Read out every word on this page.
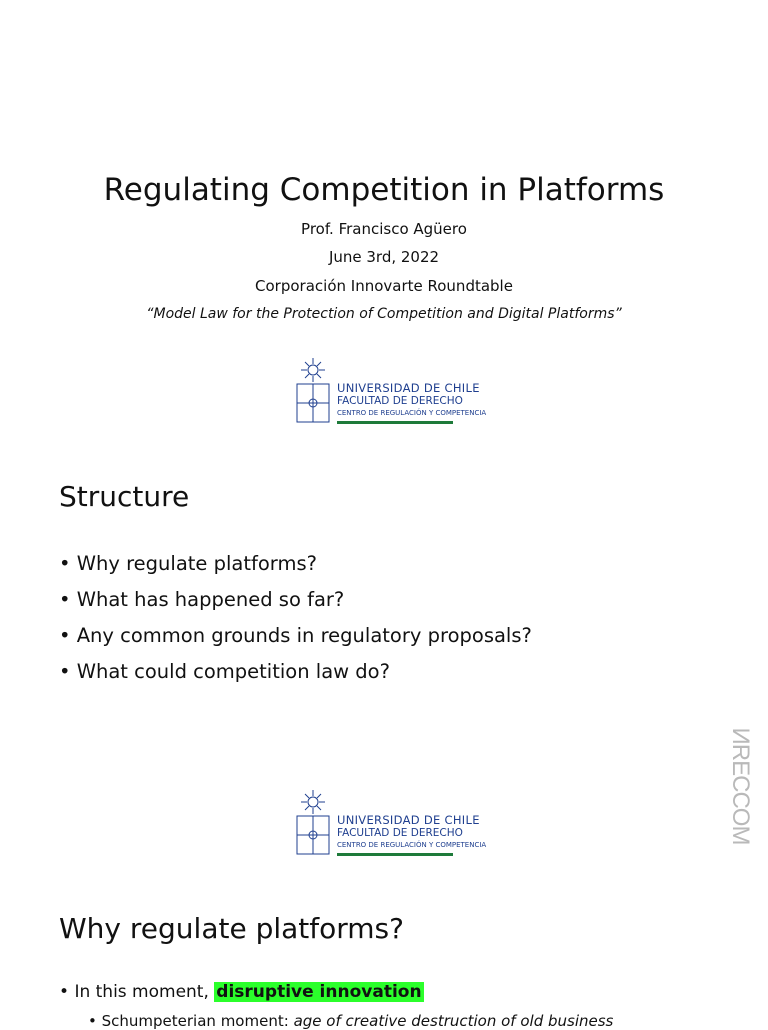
Regulating Competition in Platforms
Prof. Francisco Agüero
June 3rd, 2022
Corporación Innovarte Roundtable
“Model Law for the Protection of Competition and Digital Platforms”
UNIVERSIDAD DE CHILE
FACULTAD DE DERECHO
CENTRO DE REGULACIÓN Y COMPETENCIA
Structure
• Why regulate platforms?
• What has happened so far?
• Any common grounds in regulatory proposals?
• What could competition law do?
ИRECCOM
UNIVERSIDAD DE CHILE
FACULTAD DE DERECHO
CENTRO DE REGULACIÓN Y COMPETENCIA
Why regulate platforms?
• In this moment, disruptive innovation
• Schumpeterian moment: age of creative destruction of old business
